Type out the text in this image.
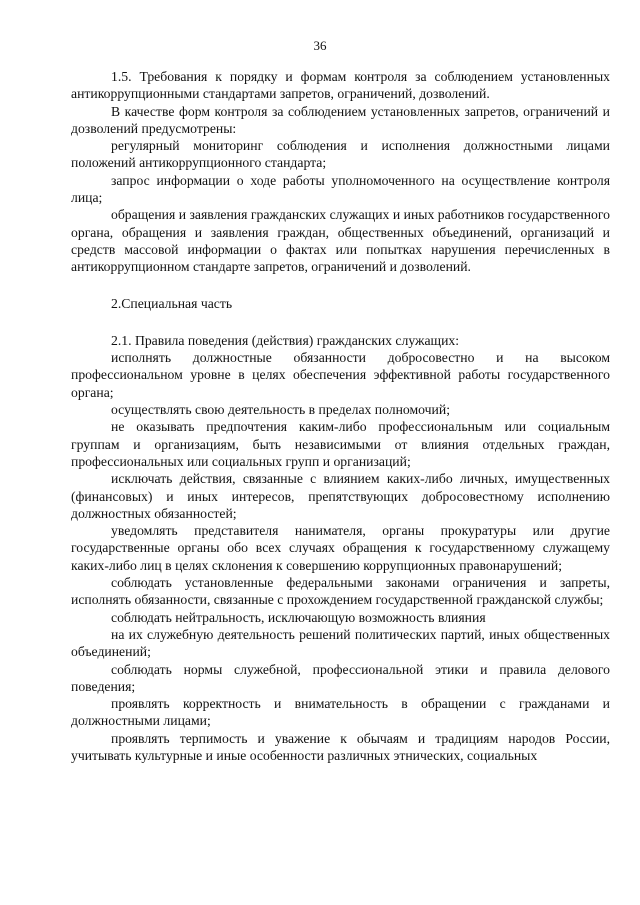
36

1.5. Требования к порядку и формам контроля за соблюдением установленных антикоррупционными стандартами запретов, ограничений, дозволений.

В качестве форм контроля за соблюдением установленных запретов, ограничений и дозволений предусмотрены:

регулярный мониторинг соблюдения и исполнения должностными лицами положений антикоррупционного стандарта;

запрос информации о ходе работы уполномоченного на осуществление контроля лица;

обращения и заявления гражданских служащих и иных работников государственного органа, обращения и заявления граждан, общественных объединений, организаций и средств массовой информации о фактах или попытках нарушения перечисленных в антикоррупционном стандарте запретов, ограничений и дозволений.

2.Специальная часть

2.1. Правила поведения (действия) гражданских служащих:

исполнять должностные обязанности добросовестно и на высоком профессиональном уровне в целях обеспечения эффективной работы государственного органа;

осуществлять свою деятельность в пределах полномочий;

не оказывать предпочтения каким-либо профессиональным или социальным группам и организациям, быть независимыми от влияния отдельных граждан, профессиональных или социальных групп и организаций;

исключать действия, связанные с влиянием каких-либо личных, имущественных (финансовых) и иных интересов, препятствующих добросовестному исполнению должностных обязанностей;

уведомлять представителя нанимателя, органы прокуратуры или другие государственные органы обо всех случаях обращения к государственному служащему каких-либо лиц в целях склонения к совершению коррупционных правонарушений;

соблюдать установленные федеральными законами ограничения и запреты, исполнять обязанности, связанные с прохождением государственной гражданской службы;

соблюдать нейтральность, исключающую возможность влияния

на их служебную деятельность решений политических партий, иных общественных объединений;

соблюдать нормы служебной, профессиональной этики и правила делового поведения;

проявлять корректность и внимательность в обращении с гражданами и должностными лицами;

проявлять терпимость и уважение к обычаям и традициям народов России, учитывать культурные и иные особенности различных этнических, социальных
